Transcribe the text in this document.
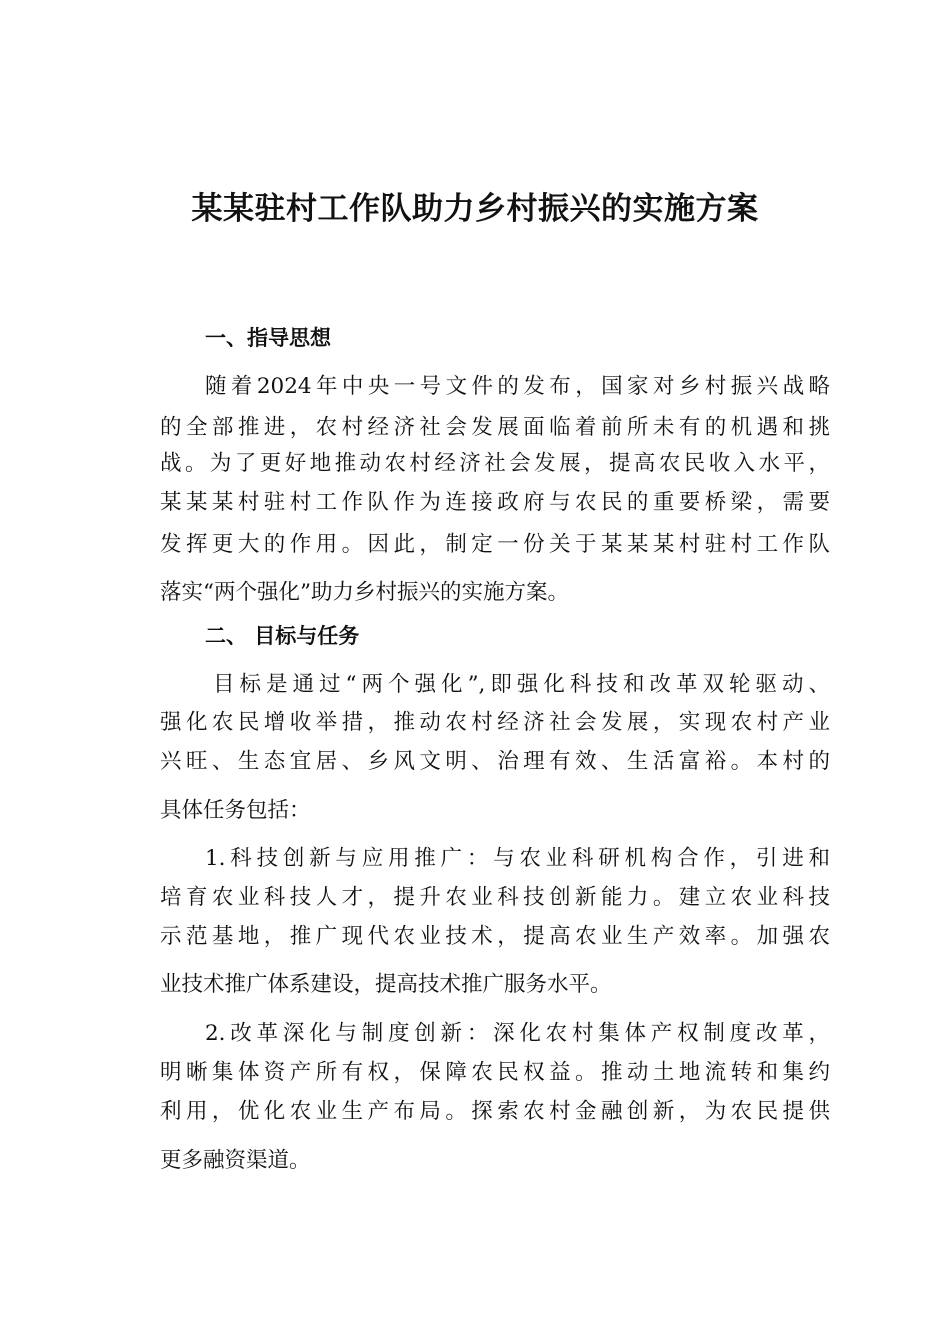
某某驻村工作队助力乡村振兴的实施方案
一、指导思想
随着2024年中央一号文件的发布，国家对乡村振兴战略
的全部推进，农村经济社会发展面临着前所未有的机遇和挑
战。为了更好地推动农村经济社会发展，提高农民收入水平，
某某某村驻村工作队作为连接政府与农民的重要桥梁，需要
发挥更大的作用。因此，制定一份关于某某某村驻村工作队
落实“两个强化”助力乡村振兴的实施方案。
二、 目标与任务
目标是通过“两个强化”,即强化科技和改革双轮驱动、
强化农民增收举措，推动农村经济社会发展，实现农村产业
兴旺、生态宜居、乡风文明、治理有效、生活富裕。本村的
具体任务包括：
1.科技创新与应用推广：与农业科研机构合作，引进和
培育农业科技人才，提升农业科技创新能力。建立农业科技
示范基地，推广现代农业技术，提高农业生产效率。加强农
业技术推广体系建设，提高技术推广服务水平。
2.改革深化与制度创新：深化农村集体产权制度改革，
明晰集体资产所有权，保障农民权益。推动土地流转和集约
利用，优化农业生产布局。探索农村金融创新，为农民提供
更多融资渠道。
